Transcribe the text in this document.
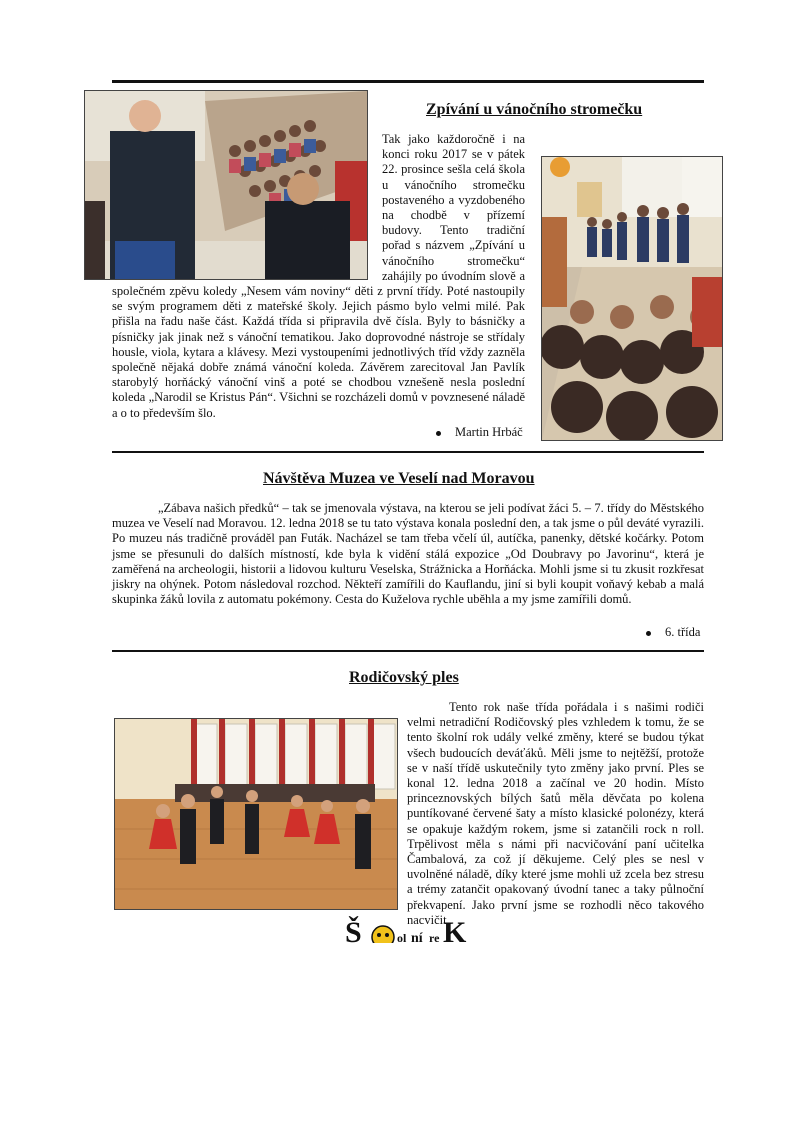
Zpívání u vánočního stromečku

Tak jako každoročně i na konci roku 2017 se v pátek 22. prosince sešla celá škola u vánočního stromečku postaveného a vyzdobeného na chodbě v přízemí budovy. Tento tradiční pořad s názvem „Zpívání u vánočního stromečku“ zahájily po úvodním slově a společném zpěvu koledy „Nesem vám noviny“ děti z první třídy. Poté nastoupily se svým programem děti z mateřské školy. Jejich pásmo bylo velmi milé. Pak přišla na řadu naše část. Každá třída si připravila dvě čísla. Byly to básničky a písničky jak jinak než s vánoční tematikou. Jako doprovodné nástroje se střídaly housle, viola, kytara a klávesy. Mezi vystoupeními jednotlivých tříd vždy zazněla společně nějaká dobře známá vánoční koleda. Závěrem zarecitoval Jan Pavlík starobylý horňácký vánoční vinš a poté se chodbou vznešeně nesla poslední koleda „Narodil se Kristus Pán“. Všichni se rozcházeli domů v povznesené náladě a o to především šlo.

Martin Hrbáč
Návštěva Muzea ve Veselí nad Moravou

„Zábava našich předků“ – tak se jmenovala výstava, na kterou se jeli podívat žáci 5. – 7. třídy do Městského muzea ve Veselí nad Moravou. 12. ledna 2018 se tu tato výstava konala poslední den, a tak jsme o půl deváté vyrazili. Po muzeu nás tradičně prováděl pan Futák. Nacházel se tam třeba včelí úl, autíčka, panenky, dětské kočárky. Potom jsme se přesunuli do dalších místností, kde byla k vidění stálá expozice „Od Doubravy po Javorinu“, která je zaměřená na archeologii, historii a lidovou kulturu Veselska, Strážnicka a Horňácka. Mohli jsme si tu zkusit rozkřesat jiskry na ohýnek. Potom následoval rozchod. Někteří zamířili do Kauflandu, jiní si byli koupit voňavý kebab a malá skupinka žáků lovila z automatu pokémony. Cesta do Kuželova rychle uběhla a my jsme zamířili domů.

6. třída
Rodičovský ples

Tento rok naše třída pořádala i s našimi rodiči velmi netradiční Rodičovský ples vzhledem k tomu, že se tento školní rok udály velké změny, které se budou týkat všech budoucích deváťáků. Měli jsme to nejtěžší, protože se v naší třídě uskutečnily tyto změny jako první. Ples se konal 12. ledna 2018 a začínal ve 20 hodin. Místo princeznovských bílých šatů měla děvčata po kolena puntíkované červené šaty a místo klasické polonézy, která se opakuje každým rokem, jsme si zatančili rock n roll. Trpělivost měla s námi při nacvičování paní učitelka Čambalová, za což jí děkujeme. Celý ples se nesl v uvolněné náladě, díky které jsme mohli už zcela bez stresu a trémy zatančit opakovaný úvodní tanec a taky půlnoční překvapení. Jako první jsme se rozhodli něco takového nacvičit,

Š	ol ní re K
